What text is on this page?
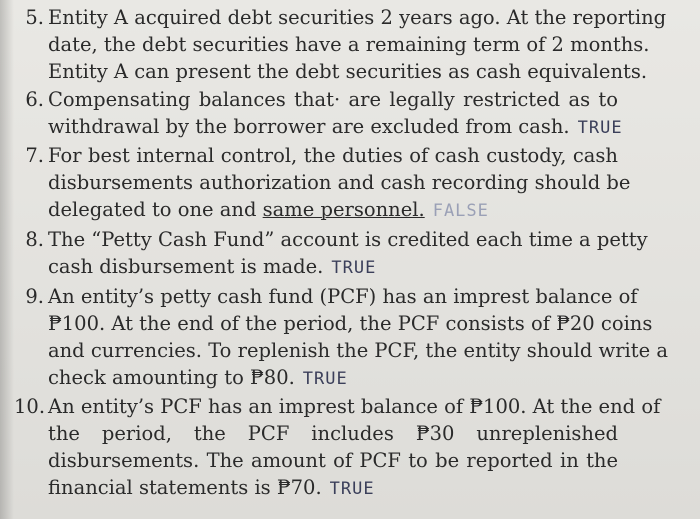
5. Entity A acquired debt securities 2 years ago. At the reporting
date, the debt securities have a remaining term of 2 months.
Entity A can present the debt securities as cash equivalents.
6. Compensating balances that· are legally restricted as to
withdrawal by the borrower are excluded from cash. TRUE
7. For best internal control, the duties of cash custody, cash
disbursements authorization and cash recording should be
delegated to one and same personnel. FALSE
8. The “Petty Cash Fund” account is credited each time a petty
cash disbursement is made. TRUE
9. An entity’s petty cash fund (PCF) has an imprest balance of
₱100. At the end of the period, the PCF consists of ₱20 coins
and currencies. To replenish the PCF, the entity should write a
check amounting to ₱80. TRUE
10. An entity’s PCF has an imprest balance of ₱100. At the end of
the period, the PCF includes ₱30 unreplenished
disbursements. The amount of PCF to be reported in the
financial statements is ₱70. TRUE
